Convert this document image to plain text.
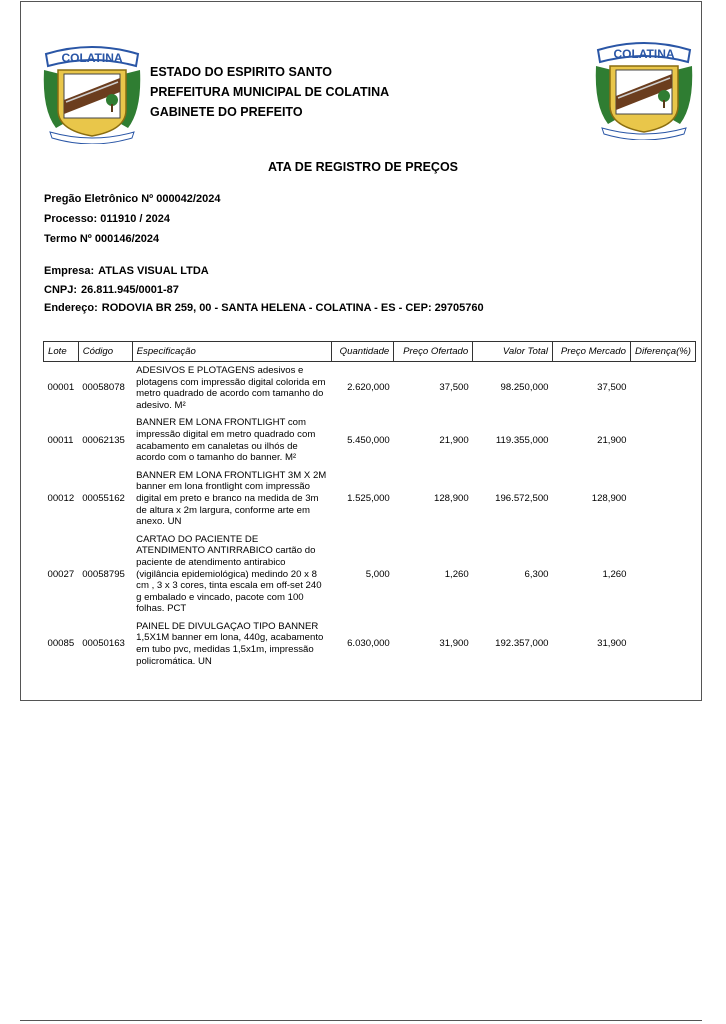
COLATINA	COLATINA
ESTADO DO ESPIRITO SANTO
PREFEITURA MUNICIPAL DE COLATINA
GABINETE DO PREFEITO
ATA DE REGISTRO DE PREÇOS
Pregão Eletrônico Nº 000042/2024
Processo: 011910 / 2024
Termo Nº 000146/2024
Empresa: ATLAS VISUAL LTDA
CNPJ: 26.811.945/0001-87
Endereço: RODOVIA BR 259, 00 - SANTA HELENA - COLATINA - ES - CEP: 29705760
Lote	Código	Especificação	Quantidade	Preço Ofertado	Valor Total	Preço Mercado	Diferença(%)
00001	00058078	ADESIVOS E PLOTAGENS adesivos e plotagens com impressão digital colorida em metro quadrado de acordo com tamanho do adesivo. M²	2.620,000	37,500	98.250,000	37,500	
00011	00062135	BANNER EM LONA FRONTLIGHT com impressão digital em metro quadrado com acabamento em canaletas ou ilhós de acordo com o tamanho do banner. M²	5.450,000	21,900	119.355,000	21,900	
00012	00055162	BANNER EM LONA FRONTLIGHT 3M X 2M banner em lona frontlight com impressão digital em preto e branco na medida de 3m de altura x 2m largura, conforme arte em anexo. UN	1.525,000	128,900	196.572,500	128,900	
00027	00058795	CARTAO DO PACIENTE DE ATENDIMENTO ANTIRRABICO cartão do paciente de atendimento antirabico (vigilância epidemiológica) medindo 20 x 8 cm , 3 x 3 cores, tinta escala em off-set 240 g embalado e vincado, pacote com 100 folhas. PCT	5,000	1,260	6,300	1,260	
00085	00050163	PAINEL DE DIVULGAÇAO TIPO BANNER 1,5X1M banner em lona, 440g, acabamento em tubo pvc, medidas 1,5x1m, impressão policromática. UN	6.030,000	31,900	192.357,000	31,900	
